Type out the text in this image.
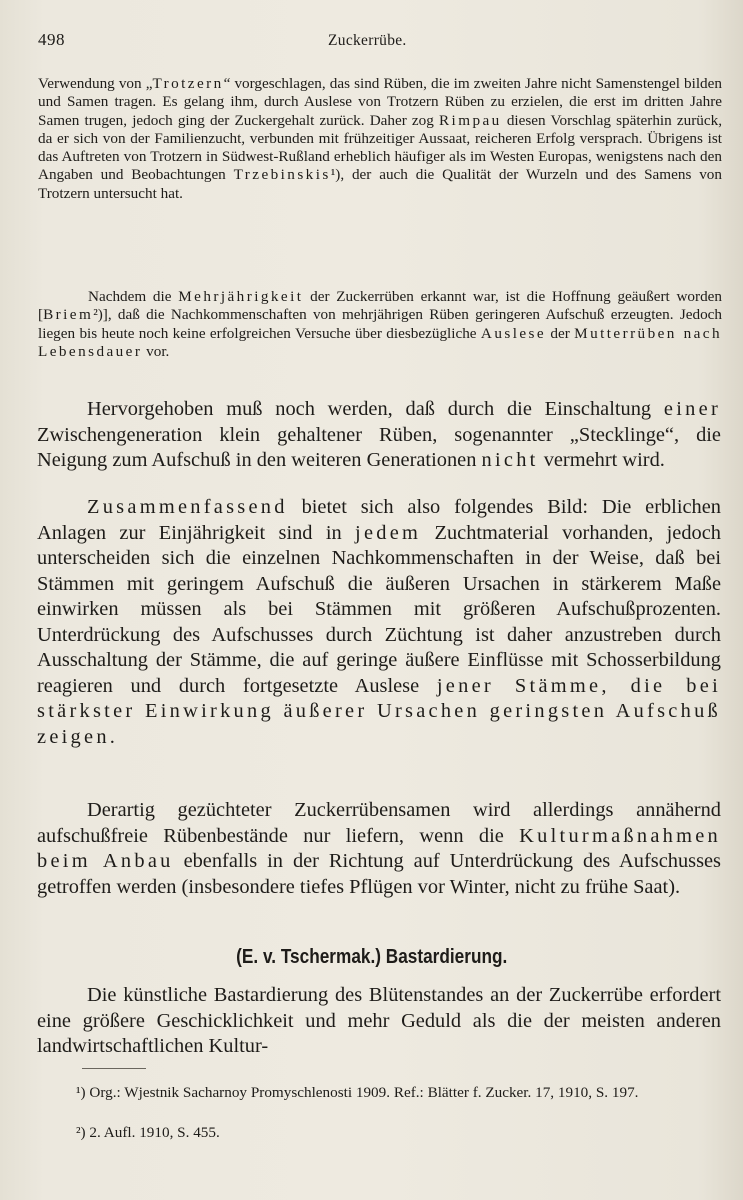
498	Zuckerrübe.

Verwendung von „Trotzern“ vorgeschlagen, das sind Rüben, die im zweiten Jahre nicht Samenstengel bilden und Samen tragen. Es gelang ihm, durch Auslese von Trotzern Rüben zu erzielen, die erst im dritten Jahre Samen trugen, jedoch ging der Zuckergehalt zurück. Daher zog Rimpau diesen Vorschlag späterhin zurück, da er sich von der Familienzucht, verbunden mit frühzeitiger Aussaat, reicheren Erfolg versprach. Übrigens ist das Auftreten von Trotzern in Südwest-Rußland erheblich häufiger als im Westen Europas, wenigstens nach den Angaben und Beobachtungen Trzebinskis¹), der auch die Qualität der Wurzeln und des Samens von Trotzern untersucht hat.

Nachdem die Mehrjährigkeit der Zuckerrüben erkannt war, ist die Hoffnung geäußert worden [Briem²)], daß die Nachkommenschaften von mehrjährigen Rüben geringeren Aufschuß erzeugten. Jedoch liegen bis heute noch keine erfolgreichen Versuche über diesbezügliche Auslese der Mutterrüben nach Lebensdauer vor.

Hervorgehoben muß noch werden, daß durch die Einschaltung einer Zwischengeneration klein gehaltener Rüben, sogenannter „Stecklinge“, die Neigung zum Aufschuß in den weiteren Generationen nicht vermehrt wird.

Zusammenfassend bietet sich also folgendes Bild: Die erblichen Anlagen zur Einjährigkeit sind in jedem Zuchtmaterial vorhanden, jedoch unterscheiden sich die einzelnen Nachkommenschaften in der Weise, daß bei Stämmen mit geringem Aufschuß die äußeren Ursachen in stärkerem Maße einwirken müssen als bei Stämmen mit größeren Aufschußprozenten. Unterdrückung des Aufschusses durch Züchtung ist daher anzustreben durch Ausschaltung der Stämme, die auf geringe äußere Einflüsse mit Schosserbildung reagieren und durch fortgesetzte Auslese jener Stämme, die bei stärkster Einwirkung äußerer Ursachen geringsten Aufschuß zeigen.

Derartig gezüchteter Zuckerrübensamen wird allerdings annähernd aufschußfreie Rübenbestände nur liefern, wenn die Kulturmaßnahmen beim Anbau ebenfalls in der Richtung auf Unterdrückung des Aufschusses getroffen werden (insbesondere tiefes Pflügen vor Winter, nicht zu frühe Saat).

(E. v. Tschermak.) Bastardierung.

Die künstliche Bastardierung des Blütenstandes an der Zuckerrübe erfordert eine größere Geschicklichkeit und mehr Geduld als die der meisten anderen landwirtschaftlichen Kultur-

¹) Org.: Wjestnik Sacharnoy Promyschlenosti 1909. Ref.: Blätter f. Zucker. 17, 1910, S. 197.

²) 2. Aufl. 1910, S. 455.
